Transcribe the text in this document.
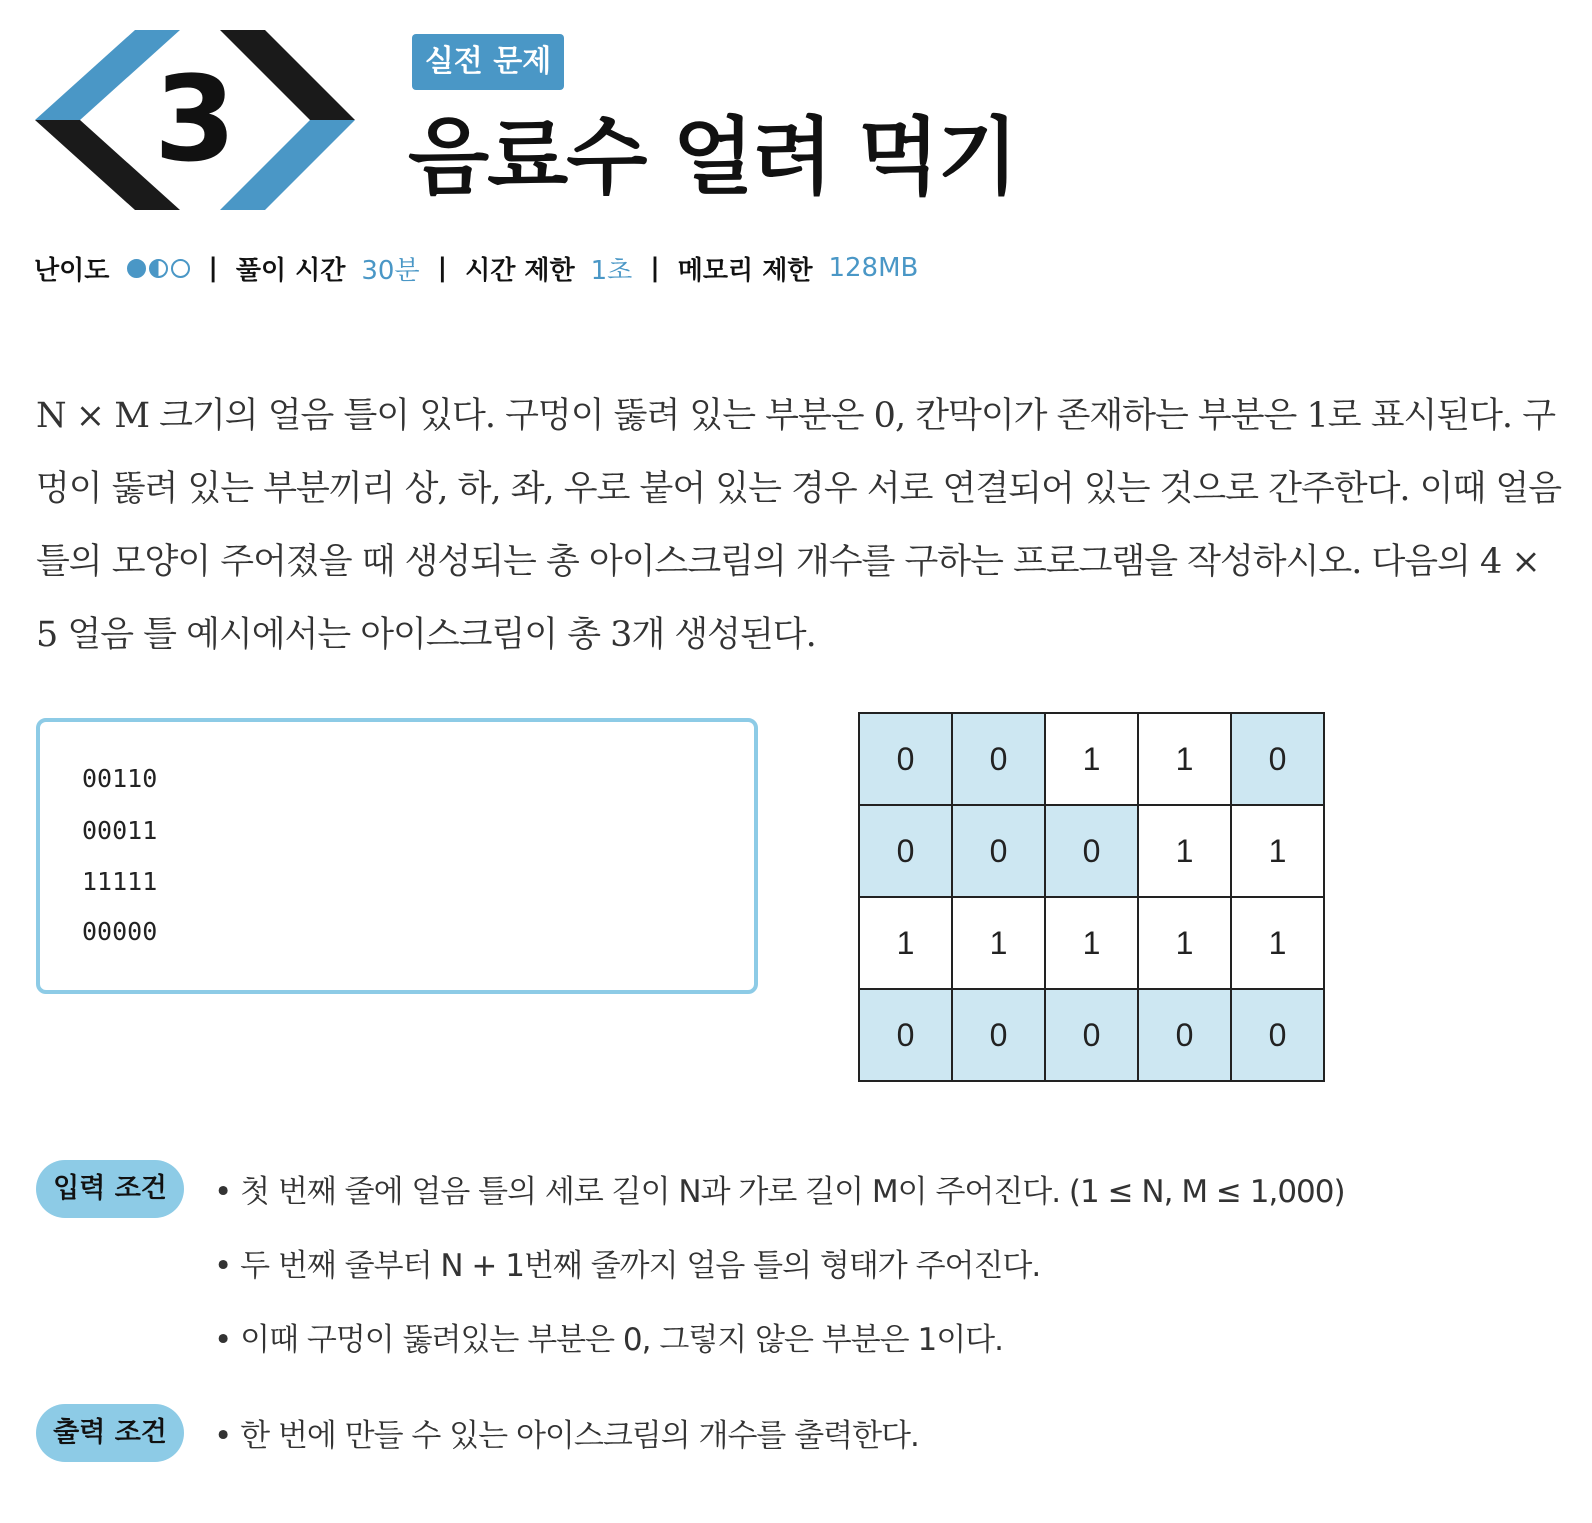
3	실전 문제
음료수 얼려 먹기
난이도	| 풀이 시간 30분 | 시간 제한 1초 | 메모리 제한 128MB

N × M 크기의 얼음 틀이 있다. 구멍이 뚫려 있는 부분은 0, 칸막이가 존재하는 부분은 1로 표시된다. 구멍이 뚫려 있는 부분끼리 상, 하, 좌, 우로 붙어 있는 경우 서로 연결되어 있는 것으로 간주한다. 이때 얼음 틀의 모양이 주어졌을 때 생성되는 총 아이스크림의 개수를 구하는 프로그램을 작성하시오. 다음의 4 × 5 얼음 틀 예시에서는 아이스크림이 총 3개 생성된다.

00110
00011
11111
00000
0	0	1	1	0
0	0	0	1	1
1	1	1	1	1
0	0	0	0	0
입력 조건	• 첫 번째 줄에 얼음 틀의 세로 길이 N과 가로 길이 M이 주어진다. (1 ≤ N, M ≤ 1,000)
• 두 번째 줄부터 N + 1번째 줄까지 얼음 틀의 형태가 주어진다.
• 이때 구멍이 뚫려있는 부분은 0, 그렇지 않은 부분은 1이다.
출력 조건	• 한 번에 만들 수 있는 아이스크림의 개수를 출력한다.
